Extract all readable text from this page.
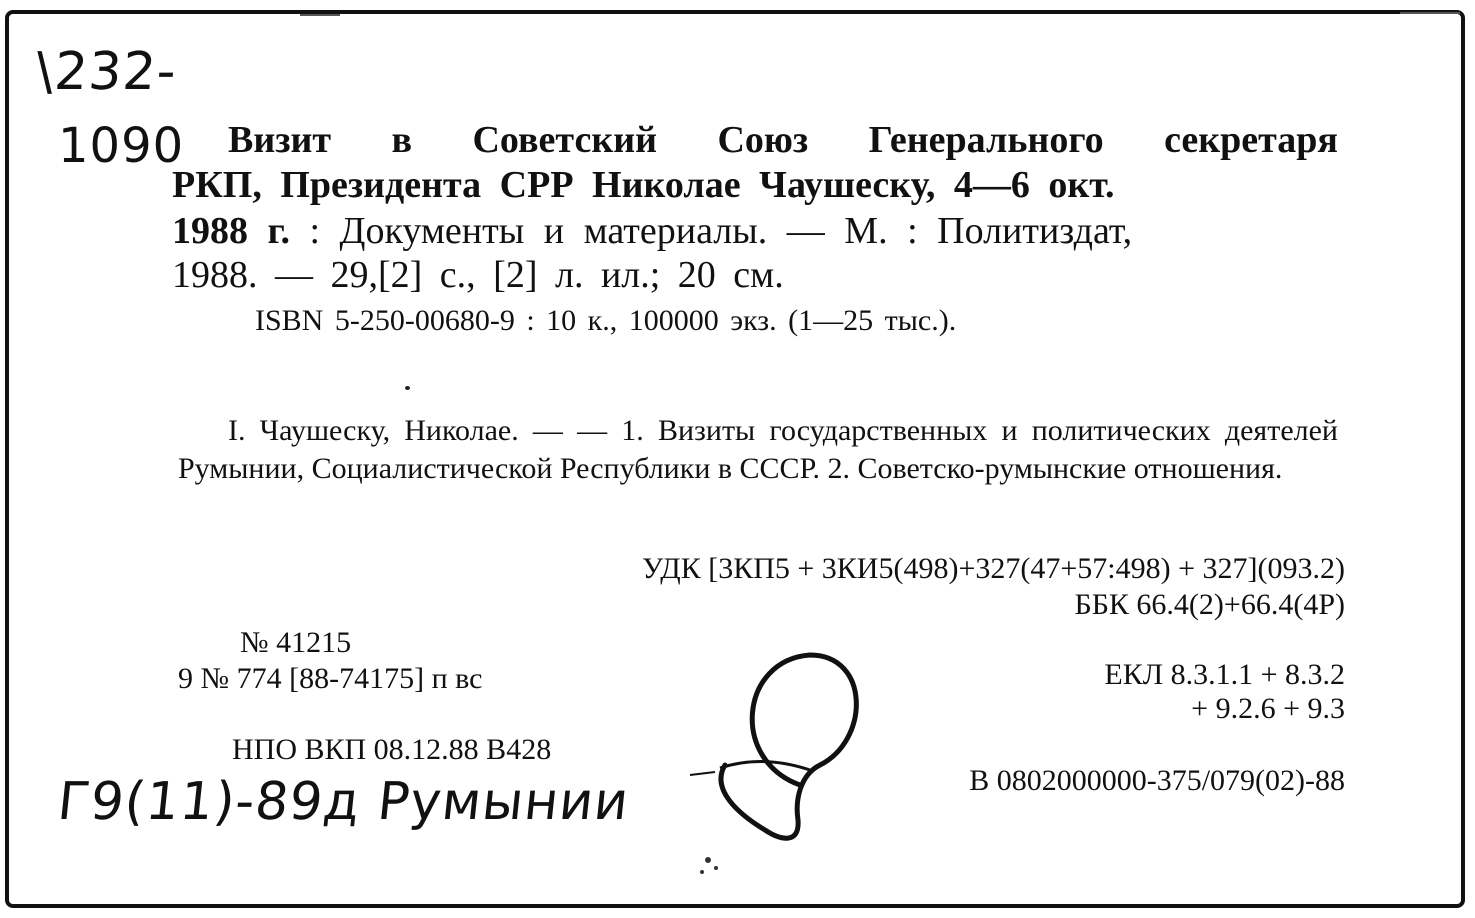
\232-
1090 Визит в Советский Союз Генерального секретаря
РКП, Президента СРР Николае Чаушеску, 4—6 окт.
1988 г. : Документы и материалы. — М. : Политиздат,
1988. — 29,[2] с., [2] л. ил.; 20 см.
ISBN 5-250-00680-9 : 10 к., 100000 экз. (1—25 тыс.).
I. Чаушеску, Николае. — — 1. Визиты государственных и политических деятелей Румынии, Социалистической Республики в СССР. 2. Советско-румынские отношения.
УДК [3КП5 + 3КИ5(498)+327(47+57:498) + 327](093.2)
ББК 66.4(2)+66.4(4Р)
№ 41215
9 № 774 [88-74175] п вс
НПО ВКП 08.12.88 В428
ЕКЛ 8.3.1.1 + 8.3.2
+ 9.2.6 + 9.3
В 0802000000-375/079(02)-88
Г9(11)-89д Румынии
